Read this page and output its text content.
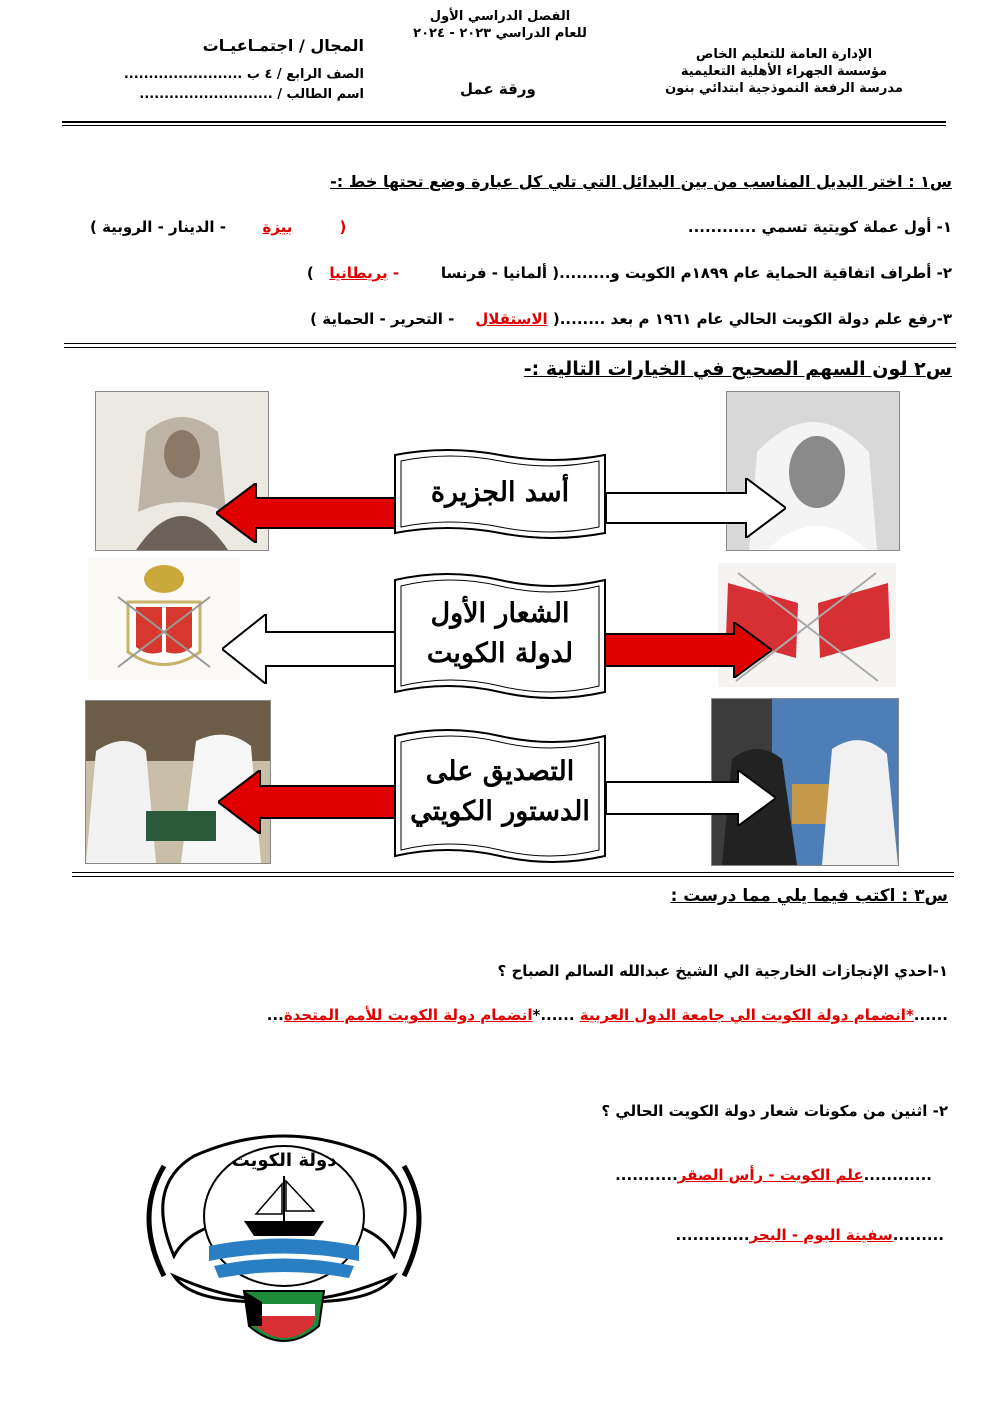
الإدارة العامة للتعليم الخاص
مؤسسة الجهراء الأهلية التعليمية
مدرسة الرفعة النموذجية ابتدائي بنون
الفصل الدراسي الأول
للعام الدراسي ٢٠٢٣ - ٢٠٢٤
ورقة عمل
المجال / اجتمـاعيـات
الصف الرابع / ٤ ب ........................
اسم الطالب / ...........................
س١ : اختر البديل المناسب من بين البدائل التي تلي كل عبارة وضع تحتها خط :-
١- أول عملة كويتية تسمي ............
(         بيزة       - الدينار - الروبية )
٢- أطراف اتفاقية الحماية عام ١٨٩٩م الكويت و.........( ألمانيا - فرنسا        - بريطانيا   )
٣-رفع علم دولة الكويت الحالي عام ١٩٦١ م بعد ........( الاستقلال    - التحرير - الحماية )
س٢ لون السهم الصحيح في الخيارات التالية :-
أسد الجزيرة
الشعار الأول لدولة الكويت
التصديق على الدستور الكويتي
س٣ : اكتب فيما يلي مما درست :
١-احدي الإنجازات الخارجية الي الشيخ عبدالله السالم الصباح ؟
......*انضمام دولة الكويت الي جامعة الدول العربية ......*انضمام دولة الكويت للأمم المتحدة...
٢- اثنين من مكونات شعار دولة الكويت الحالي ؟
............علم الكويت - رأس الصقر...........
.........سفينة البوم - البحر.............
دولة الكويت
